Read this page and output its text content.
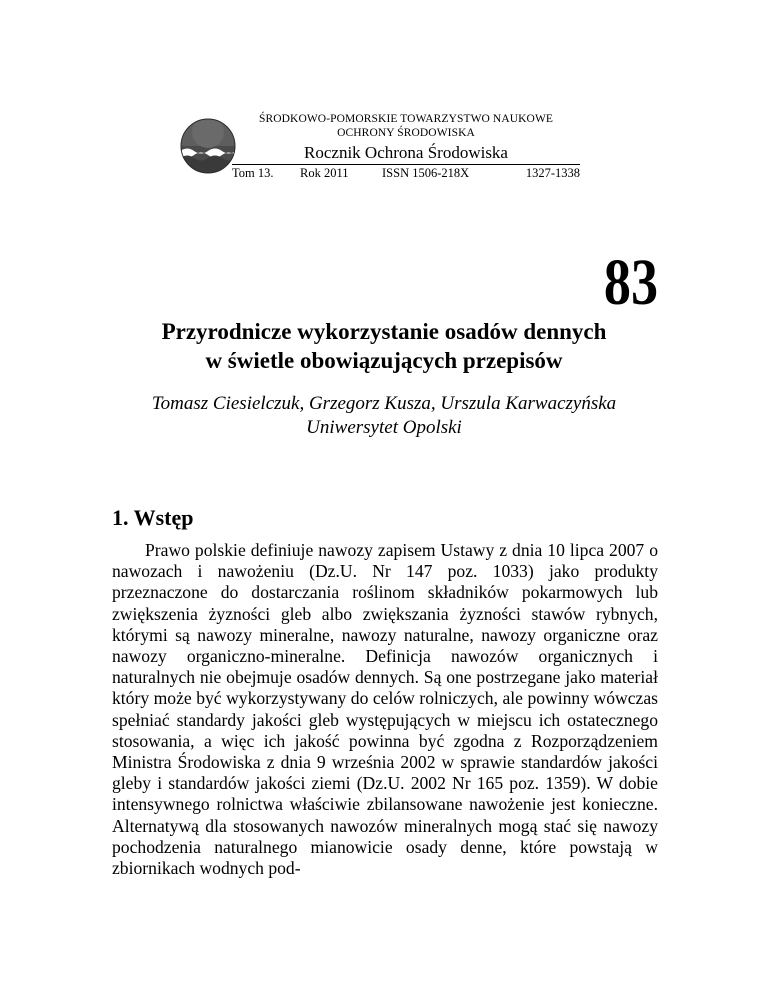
ŚRODKOWO-POMORSKIE TOWARZYSTWO NAUKOWE
OCHRONY ŚRODOWISKA
Rocznik Ochrona Środowiska
Tom 13. Rok 2011	ISSN 1506-218X	1327-1338
83
Przyrodnicze wykorzystanie osadów dennych
w świetle obowiązujących przepisów
Tomasz Ciesielczuk, Grzegorz Kusza, Urszula Karwaczyńska
Uniwersytet Opolski
1. Wstęp

Prawo polskie definiuje nawozy zapisem Ustawy z dnia 10 lipca 2007 o nawozach i nawożeniu (Dz.U. Nr 147 poz. 1033) jako produkty przeznaczone do dostarczania roślinom składników pokarmowych lub zwiększenia żyzności gleb albo zwiększania żyzności stawów rybnych, którymi są nawozy mineralne, nawozy naturalne, nawozy organiczne oraz nawozy organiczno-mineralne. Definicja nawozów organicznych i naturalnych nie obejmuje osadów dennych. Są one postrzegane jako materiał który może być wykorzystywany do celów rolniczych, ale powinny wówczas spełniać standardy jakości gleb występujących w miejscu ich ostatecznego stosowania, a więc ich jakość powinna być zgodna z Rozporządzeniem Ministra Środowiska z dnia 9 września 2002 w sprawie standardów jakości gleby i standardów jakości ziemi (Dz.U. 2002 Nr 165 poz. 1359). W dobie intensywnego rolnictwa właściwie zbilansowane nawożenie jest konieczne. Alternatywą dla stosowanych nawozów mineralnych mogą stać się nawozy pochodzenia naturalnego mianowicie osady denne, które powstają w zbiornikach wodnych pod-
